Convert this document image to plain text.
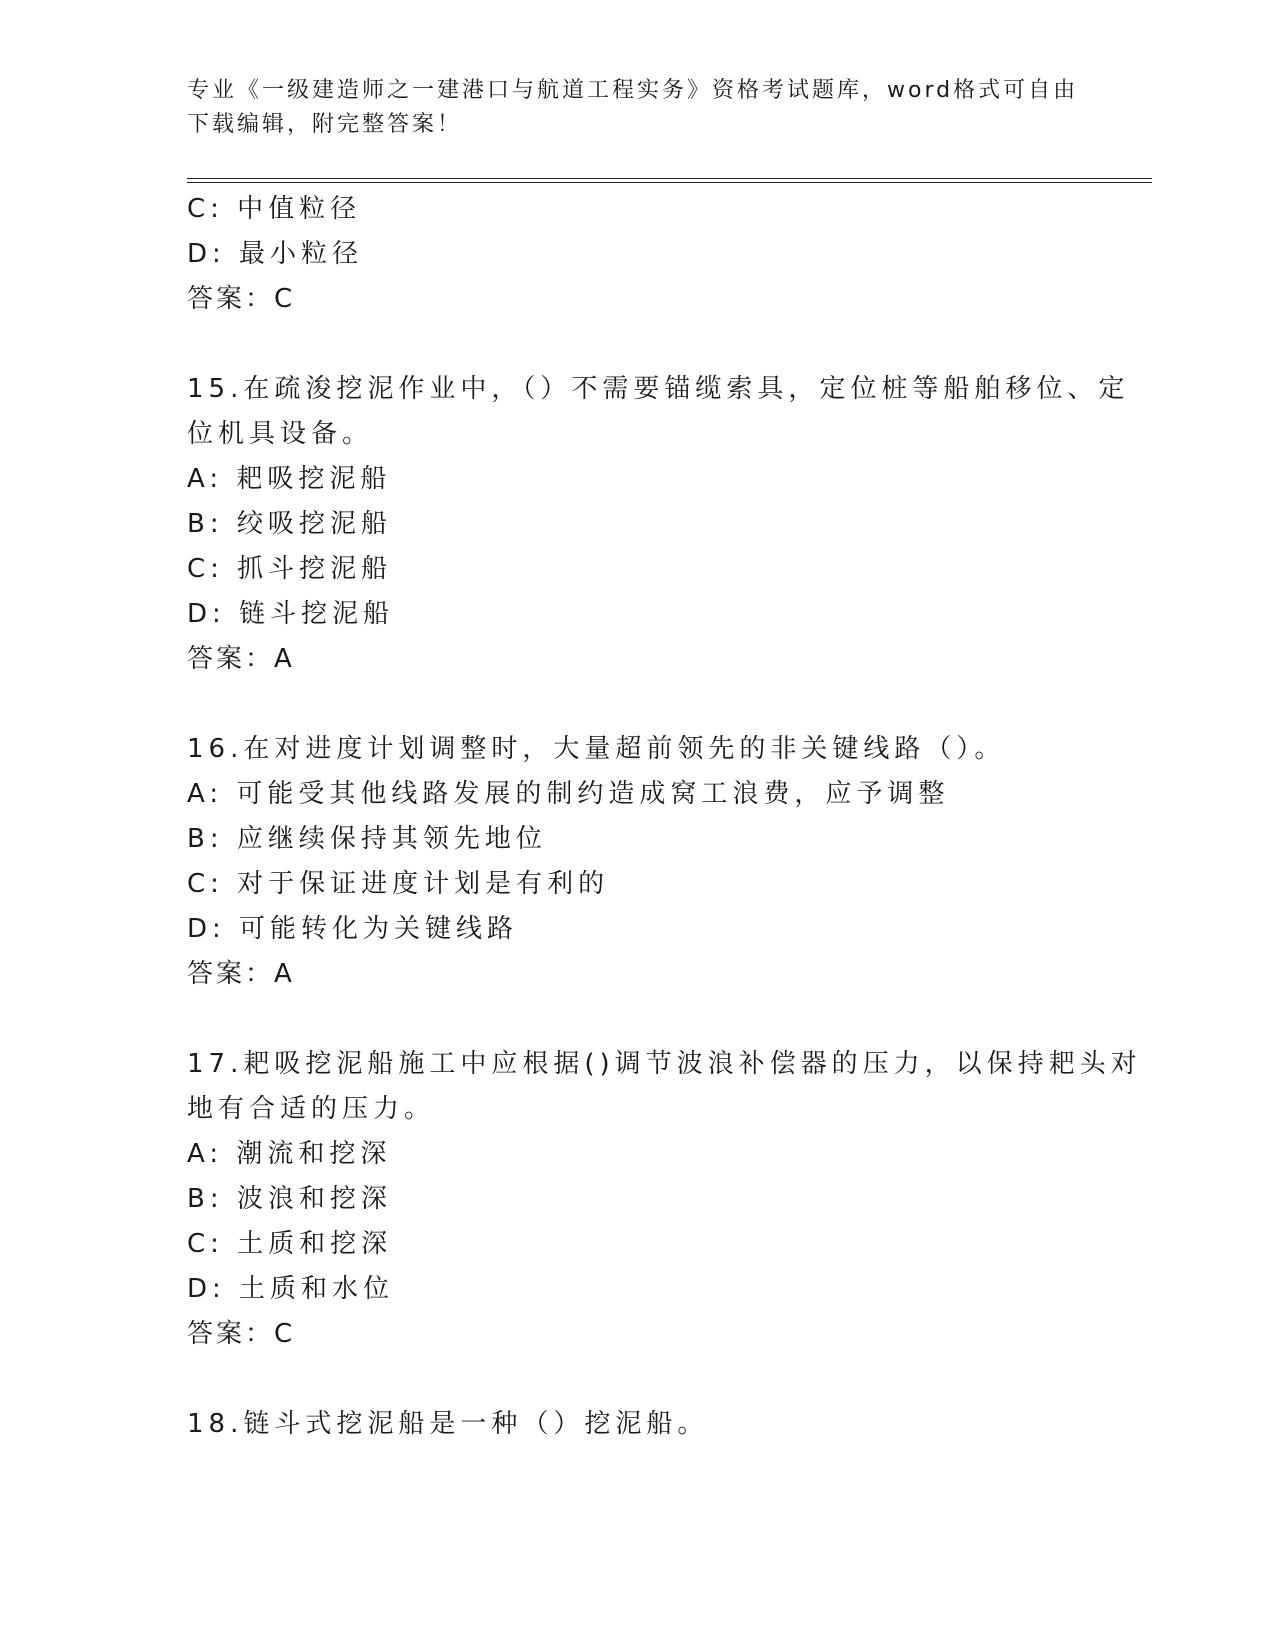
专业《一级建造师之一建港口与航道工程实务》资格考试题库，word格式可自由
下载编辑，附完整答案！
C: 中值粒径
D: 最小粒径
答案：C
15.在疏浚挖泥作业中，（）不需要锚缆索具，定位桩等船舶移位、定
位机具设备。
A: 耙吸挖泥船
B: 绞吸挖泥船
C: 抓斗挖泥船
D: 链斗挖泥船
答案：A
16.在对进度计划调整时，大量超前领先的非关键线路（）。
A: 可能受其他线路发展的制约造成窝工浪费，应予调整
B: 应继续保持其领先地位
C: 对于保证进度计划是有利的
D: 可能转化为关键线路
答案：A
17.耙吸挖泥船施工中应根据()调节波浪补偿器的压力，以保持耙头对
地有合适的压力。
A: 潮流和挖深
B: 波浪和挖深
C: 土质和挖深
D: 土质和水位
答案：C
18.链斗式挖泥船是一种（）挖泥船。
